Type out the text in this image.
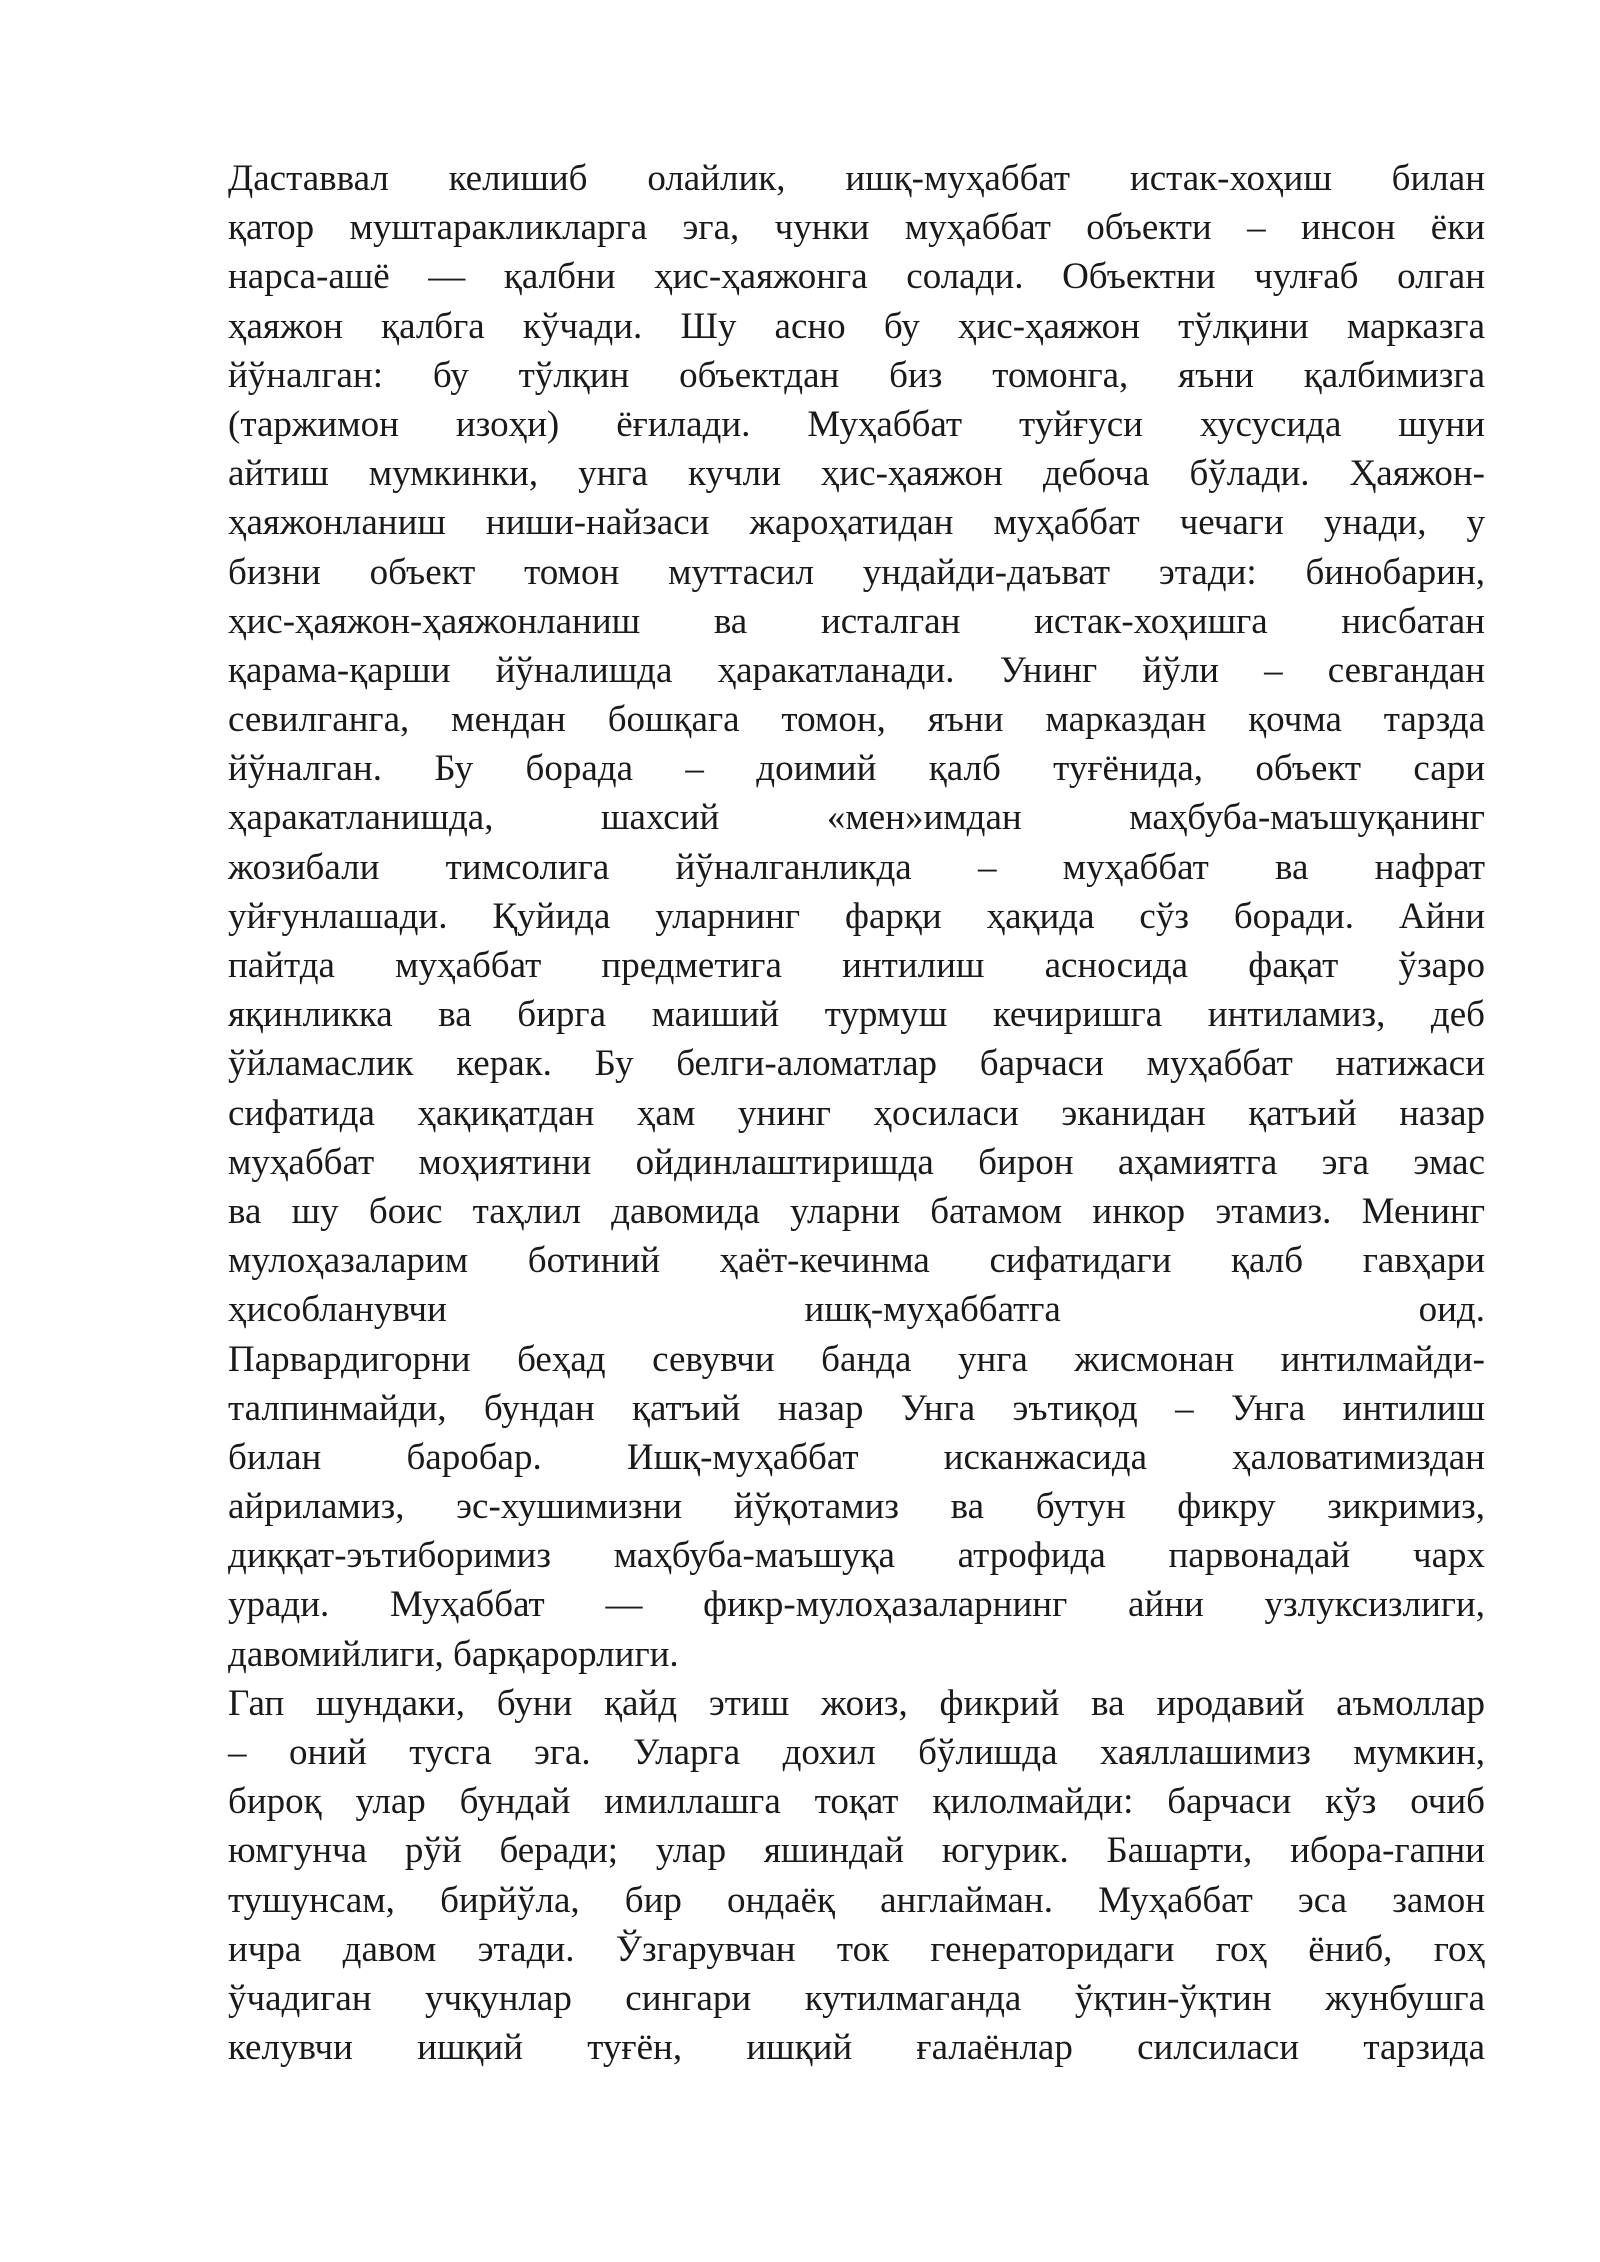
Даставвал келишиб олайлик, ишқ-муҳаббат истак-хоҳиш билан
қатор муштаракликларга эга, чунки муҳаббат объекти – инсон ёки
нарса-ашё — қалбни ҳис-ҳаяжонга солади. Объектни чулғаб олган
ҳаяжон қалбга кўчади. Шу асно бу ҳис-ҳаяжон тўлқини марказга
йўналган: бу тўлқин объектдан биз томонга, яъни қалбимизга
(таржимон изоҳи) ёғилади. Муҳаббат туйғуси хусусида шуни
айтиш мумкинки, унга кучли ҳис-ҳаяжон дебоча бўлади. Ҳаяжон-
ҳаяжонланиш ниши-найзаси жароҳатидан муҳаббат чечаги унади, у
бизни объект томон муттасил ундайди-даъват этади: бинобарин,
ҳис-ҳаяжон-ҳаяжонланиш ва исталган истак-хоҳишга нисбатан
қарама-қарши йўналишда ҳаракатланади. Унинг йўли – севгандан
севилганга, мендан бошқага томон, яъни марказдан қочма тарзда
йўналган. Бу борада – доимий қалб туғёнида, объект сари
ҳаракатланишда, шахсий «мен»имдан маҳбуба-маъшуқанинг
жозибали тимсолига йўналганликда – муҳаббат ва нафрат
уйғунлашади. Қуйида уларнинг фарқи ҳақида сўз боради. Айни
пайтда муҳаббат предметига интилиш асносида фақат ўзаро
яқинликка ва бирга маиший турмуш кечиришга интиламиз, деб
ўйламаслик керак. Бу белги-аломатлар барчаси муҳаббат натижаси
сифатида ҳақиқатдан ҳам унинг ҳосиласи эканидан қатъий назар
муҳаббат моҳиятини ойдинлаштиришда бирон аҳамиятга эга эмас
ва шу боис таҳлил давомида уларни батамом инкор этамиз. Менинг
мулоҳазаларим ботиний ҳаёт-кечинма сифатидаги қалб гавҳари
ҳисобланувчи ишқ-муҳаббатга оид.
Парвардигорни беҳад севувчи банда унга жисмонан интилмайди-
талпинмайди, бундан қатъий назар Унга эътиқод – Унга интилиш
билан баробар. Ишқ-муҳаббат исканжасида ҳаловатимиздан
айриламиз, эс-хушимизни йўқотамиз ва бутун фикру зикримиз,
диққат-эътиборимиз маҳбуба-маъшуқа атрофида парвонадай чарх
уради. Муҳаббат — фикр-мулоҳазаларнинг айни узлуксизлиги,
давомийлиги, барқарорлиги.
Гап шундаки, буни қайд этиш жоиз, фикрий ва иродавий аъмоллар
– оний тусга эга. Уларга дохил бўлишда хаяллашимиз мумкин,
бироқ улар бундай имиллашга тоқат қилолмайди: барчаси кўз очиб
юмгунча рўй беради; улар яшиндай югурик. Башарти, ибора-гапни
тушунсам, бирйўла, бир ондаёқ англайман. Муҳаббат эса замон
ичра давом этади. Ўзгарувчан ток генераторидаги гоҳ ёниб, гоҳ
ўчадиган учқунлар сингари кутилмаганда ўқтин-ўқтин жунбушга
келувчи ишқий туғён, ишқий ғалаёнлар силсиласи тарзида
